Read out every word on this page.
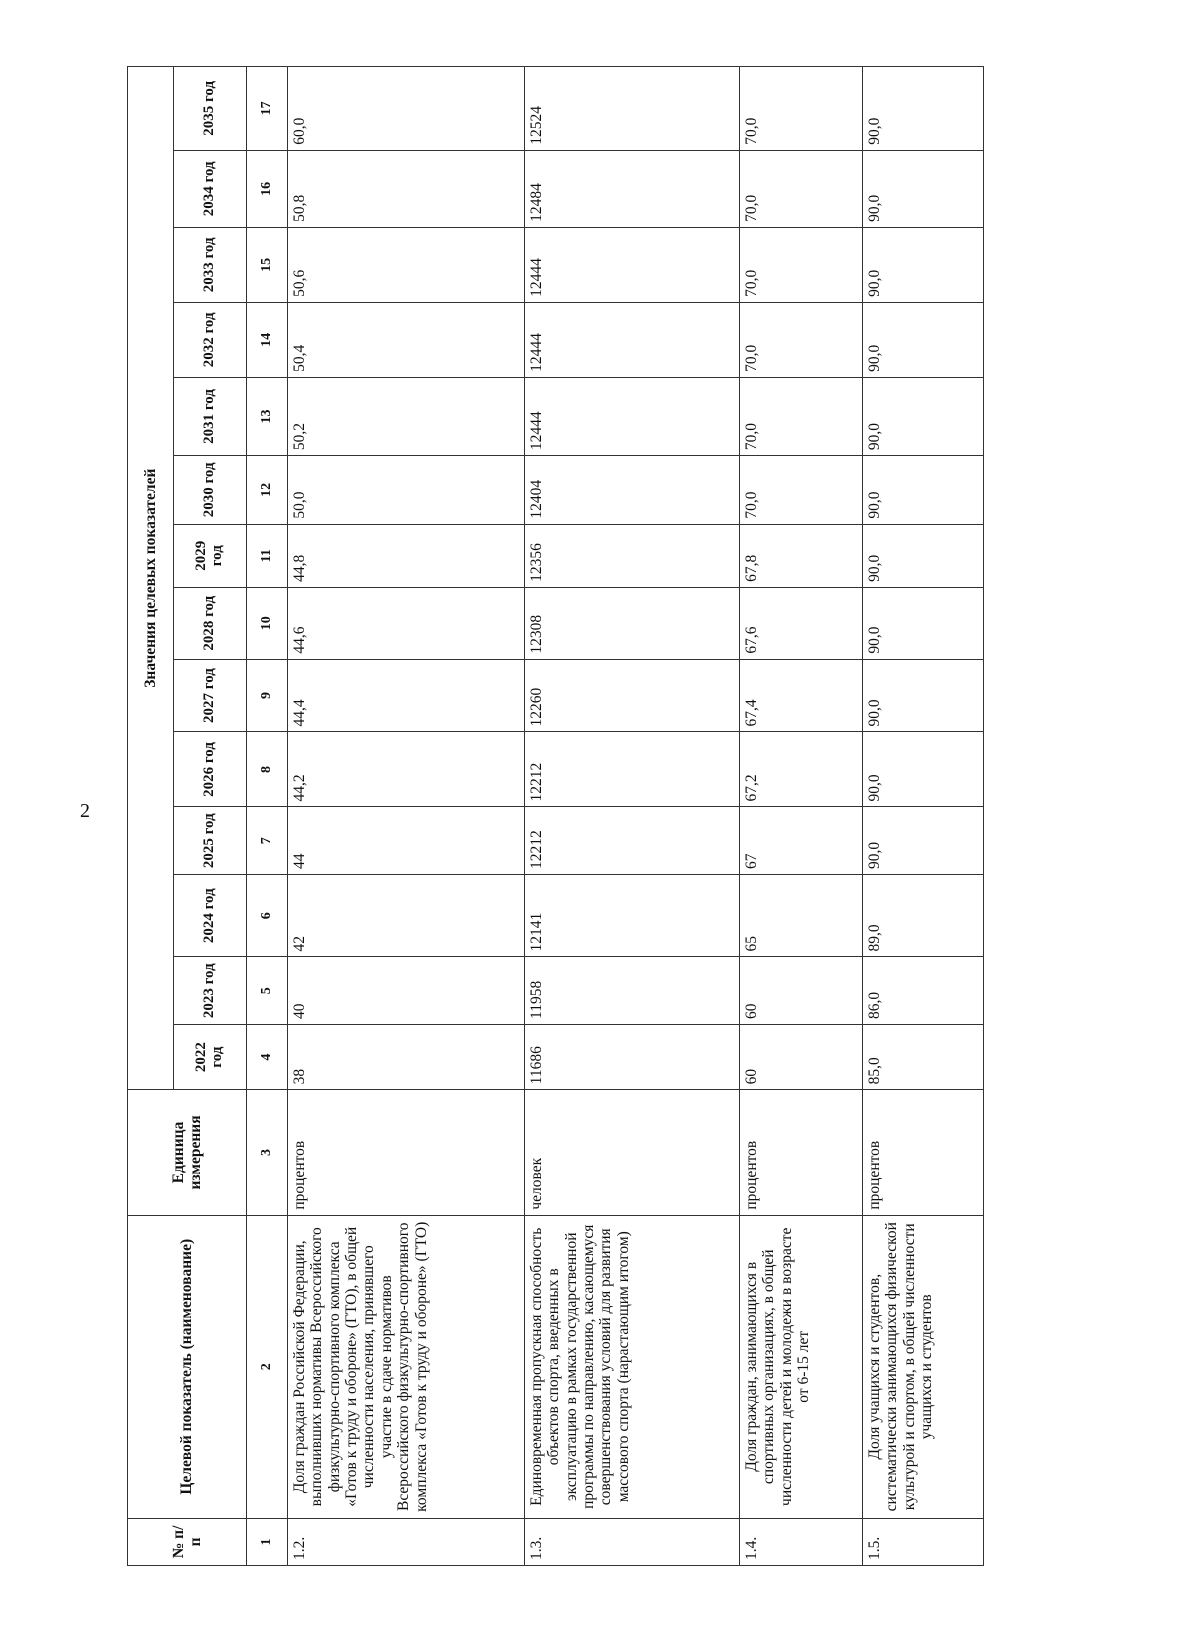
2
№ п/п	Целевой показатель (наименование)	Единица измерения	Значения целевых показателей													
			2022 год	2023 год	2024 год	2025 год	2026 год	2027 год	2028 год	2029 год	2030 год	2031 год	2032 год	2033 год	2034 год	2035 год
1	2	3	4	5	6	7	8	9	10	11	12	13	14	15	16	17
1.2.	Доля граждан Российской Федерации, выполнивших нормативы Всероссийского физкультурно-спортивного комплекса «Готов к труду и обороне» (ГТО), в общей численности населения, принявшего участие в сдаче нормативов Всероссийского физкультурно-спортивного комплекса «Готов к труду и обороне» (ГТО)	процентов	38	40	42	44	44,2	44,4	44,6	44,8	50,0	50,2	50,4	50,6	50,8	60,0
1.3.	Единовременная пропускная способность объектов спорта, введенных в эксплуатацию в рамках государственной программы по направлению, касающемуся совершенствования условий для развития массового спорта (нарастающим итогом)	человек	11686	11958	12141	12212	12212	12260	12308	12356	12404	12444	12444	12444	12484	12524
1.4.	Доля граждан, занимающихся в спортивных организациях, в общей численности детей и молодежи в возрасте от 6-15 лет	процентов	60	60	65	67	67,2	67,4	67,6	67,8	70,0	70,0	70,0	70,0	70,0	70,0
1.5.	Доля учащихся и студентов, систематически занимающихся физической культурой и спортом, в общей численности учащихся и студентов	процентов	85,0	86,0	89,0	90,0	90,0	90,0	90,0	90,0	90,0	90,0	90,0	90,0	90,0	90,0
